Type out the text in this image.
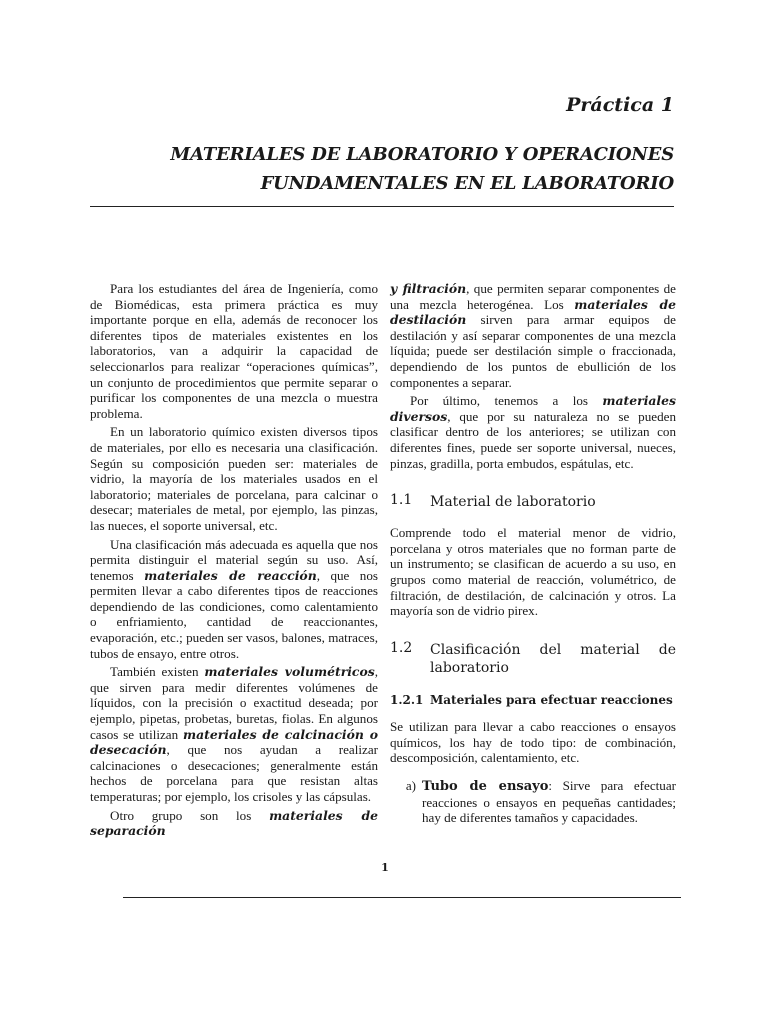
Práctica 1
MATERIALES DE LABORATORIO Y OPERACIONES
FUNDAMENTALES EN EL LABORATORIO

Para los estudiantes del área de Ingeniería, como de Biomédicas, esta primera práctica es muy importante porque en ella, además de reconocer los diferentes tipos de materiales existentes en los laboratorios, van a adquirir la capacidad de seleccionarlos para realizar “operaciones químicas”, un conjunto de procedimientos que permite separar o purificar los componentes de una mezcla o muestra problema.

En un laboratorio químico existen diversos tipos de materiales, por ello es necesaria una clasificación. Según su composición pueden ser: materiales de vidrio, la mayoría de los materiales usados en el laboratorio; materiales de porcelana, para calcinar o desecar; materiales de metal, por ejemplo, las pinzas, las nueces, el soporte universal, etc.

Una clasificación más adecuada es aquella que nos permita distinguir el material según su uso. Así, tenemos materiales de reacción, que nos permiten llevar a cabo diferentes tipos de reacciones dependiendo de las condiciones, como calentamiento o enfriamiento, cantidad de reaccionantes, evaporación, etc.; pueden ser vasos, balones, matraces, tubos de ensayo, entre otros.

También existen materiales volumétricos, que sirven para medir diferentes volúmenes de líquidos, con la precisión o exactitud deseada; por ejemplo, pipetas, probetas, buretas, fiolas. En algunos casos se utilizan materiales de calcinación o desecación, que nos ayudan a realizar calcinaciones o desecaciones; generalmente están hechos de porcelana para que resistan altas temperaturas; por ejemplo, los crisoles y las cápsulas.

Otro grupo son los materiales de separación

y filtración, que permiten separar componentes de una mezcla heterogénea. Los materiales de destilación sirven para armar equipos de destilación y así separar componentes de una mezcla líquida; puede ser destilación simple o fraccionada, dependiendo de los puntos de ebullición de los componentes a separar.

Por último, tenemos a los materiales diversos, que por su naturaleza no se pueden clasificar dentro de los anteriores; se utilizan con diferentes fines, puede ser soporte universal, nueces, pinzas, gradilla, porta embudos, espátulas, etc.

1.1	Material de laboratorio

Comprende todo el material menor de vidrio, porcelana y otros materiales que no forman parte de un instrumento; se clasifican de acuerdo a su uso, en grupos como material de reacción, volumétrico, de filtración, de destilación, de calcinación y otros. La mayoría son de vidrio pirex.

1.2	Clasificación del material de laboratorio
1.2.1 Materiales para efectuar reacciones

Se utilizan para llevar a cabo reacciones o ensayos químicos, los hay de todo tipo: de combinación, descomposición, calentamiento, etc.

a) Tubo de ensayo: Sirve para efectuar reacciones o ensayos en pequeñas cantidades; hay de diferentes tamaños y capacidades.
1
